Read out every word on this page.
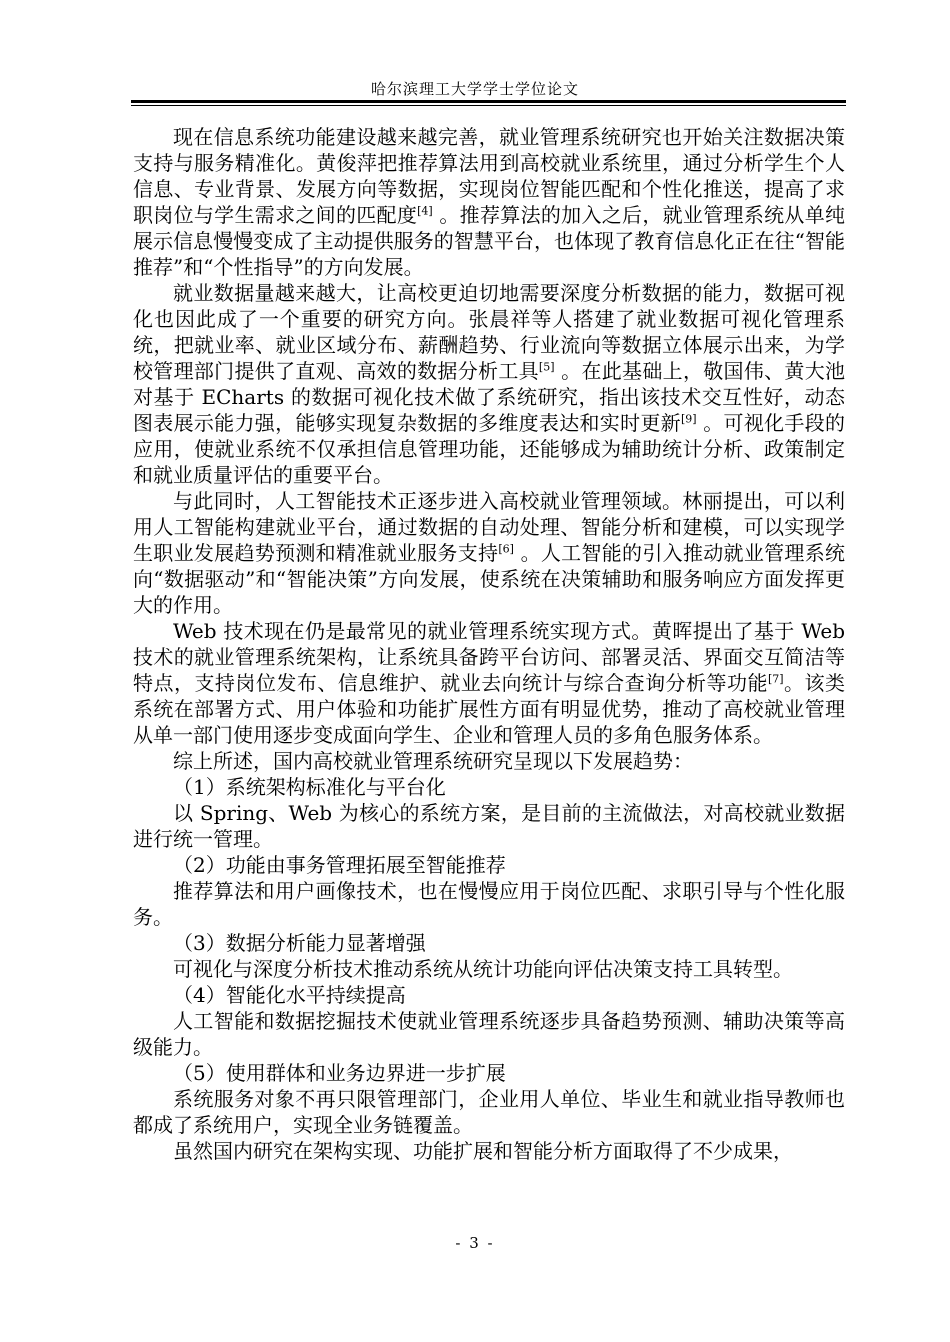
哈尔滨理工大学学士学位论文

现在信息系统功能建设越来越完善，就业管理系统研究也开始关注数据决策支持与服务精准化。黄俊萍把推荐算法用到高校就业系统里，通过分析学生个人信息、专业背景、发展方向等数据，实现岗位智能匹配和个性化推送，提高了求职岗位与学生需求之间的匹配度[4] 。推荐算法的加入之后，就业管理系统从单纯展示信息慢慢变成了主动提供服务的智慧平台，也体现了教育信息化正在往“智能推荐”和“个性指导”的方向发展。

就业数据量越来越大，让高校更迫切地需要深度分析数据的能力，数据可视化也因此成了一个重要的研究方向。张晨祥等人搭建了就业数据可视化管理系统，把就业率、就业区域分布、薪酬趋势、行业流向等数据立体展示出来，为学校管理部门提供了直观、高效的数据分析工具[5] 。在此基础上，敬国伟、黄大池对基于 ECharts 的数据可视化技术做了系统研究，指出该技术交互性好，动态图表展示能力强，能够实现复杂数据的多维度表达和实时更新[9] 。可视化手段的应用，使就业系统不仅承担信息管理功能，还能够成为辅助统计分析、政策制定和就业质量评估的重要平台。

与此同时，人工智能技术正逐步进入高校就业管理领域。林丽提出，可以利用人工智能构建就业平台，通过数据的自动处理、智能分析和建模，可以实现学生职业发展趋势预测和精准就业服务支持[6] 。人工智能的引入推动就业管理系统向“数据驱动”和“智能决策”方向发展，使系统在决策辅助和服务响应方面发挥更大的作用。

Web 技术现在仍是最常见的就业管理系统实现方式。黄晖提出了基于 Web 技术的就业管理系统架构，让系统具备跨平台访问、部署灵活、界面交互简洁等特点，支持岗位发布、信息维护、就业去向统计与综合查询分析等功能[7]。该类系统在部署方式、用户体验和功能扩展性方面有明显优势，推动了高校就业管理从单一部门使用逐步变成面向学生、企业和管理人员的多角色服务体系。

综上所述，国内高校就业管理系统研究呈现以下发展趋势：

（1）系统架构标准化与平台化

以 Spring、Web 为核心的系统方案，是目前的主流做法，对高校就业数据进行统一管理。

（2）功能由事务管理拓展至智能推荐

推荐算法和用户画像技术，也在慢慢应用于岗位匹配、求职引导与个性化服务。

（3）数据分析能力显著增强

可视化与深度分析技术推动系统从统计功能向评估决策支持工具转型。

（4）智能化水平持续提高

人工智能和数据挖掘技术使就业管理系统逐步具备趋势预测、辅助决策等高级能力。

（5）使用群体和业务边界进一步扩展

系统服务对象不再只限管理部门，企业用人单位、毕业生和就业指导教师也都成了系统用户，实现全业务链覆盖。

虽然国内研究在架构实现、功能扩展和智能分析方面取得了不少成果，

- 3 -
